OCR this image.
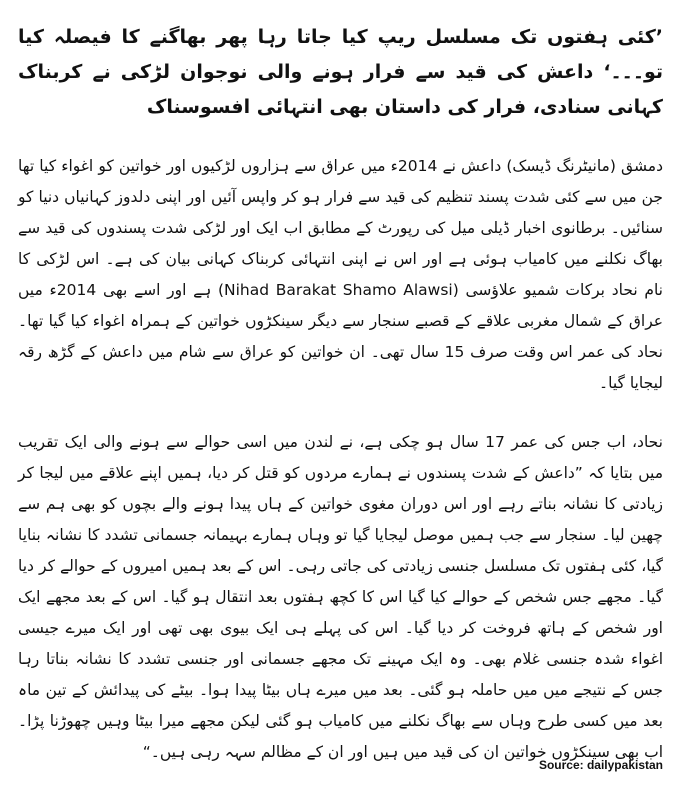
’کئی ہفتوں تک مسلسل ریپ کیا جاتا رہا پھر بھاگنے کا فیصلہ کیا تو۔۔۔‘ داعش کی قید سے فرار ہونے والی نوجوان لڑکی نے کربناک کہانی سنادی، فرار کی داستان بھی انتہائی افسوسناک

دمشق (مانیٹرنگ ڈیسک) داعش نے 2014ء میں عراق سے ہزاروں لڑکیوں اور خواتین کو اغواء کیا تھا جن میں سے کئی شدت پسند تنظیم کی قید سے فرار ہو کر واپس آئیں اور اپنی دلدوز کہانیاں دنیا کو سنائیں۔ برطانوی اخبار ڈیلی میل کی رپورٹ کے مطابق اب ایک اور لڑکی شدت پسندوں کی قید سے بھاگ نکلنے میں کامیاب ہوئی ہے اور اس نے اپنی انتہائی کربناک کہانی بیان کی ہے۔ اس لڑکی کا نام نحاد برکات شمیو علاؤسی (Nihad Barakat Shamo Alawsi) ہے اور اسے بھی 2014ء میں عراق کے شمال مغربی علاقے کے قصبے سنجار سے دیگر سینکڑوں خواتین کے ہمراہ اغواء کیا گیا تھا۔ نحاد کی عمر اس وقت صرف 15 سال تھی۔ ان خواتین کو عراق سے شام میں داعش کے گڑھ رقہ لیجایا گیا۔

نحاد، اب جس کی عمر 17 سال ہو چکی ہے، نے لندن میں اسی حوالے سے ہونے والی ایک تقریب میں بتایا کہ ”داعش کے شدت پسندوں نے ہمارے مردوں کو قتل کر دیا، ہمیں اپنے علاقے میں لیجا کر زیادتی کا نشانہ بناتے رہے اور اس دوران مغوی خواتین کے ہاں پیدا ہونے والے بچوں کو بھی ہم سے چھین لیا۔ سنجار سے جب ہمیں موصل لیجایا گیا تو وہاں ہمارے بہیمانہ جسمانی تشدد کا نشانہ بنایا گیا، کئی ہفتوں تک مسلسل جنسی زیادتی کی جاتی رہی۔ اس کے بعد ہمیں امیروں کے حوالے کر دیا گیا۔ مجھے جس شخص کے حوالے کیا گیا اس کا کچھ ہفتوں بعد انتقال ہو گیا۔ اس کے بعد مجھے ایک اور شخص کے ہاتھ فروخت کر دیا گیا۔ اس کی پہلے ہی ایک بیوی بھی تھی اور ایک میرے جیسی اغواء شدہ جنسی غلام بھی۔ وہ ایک مہینے تک مجھے جسمانی اور جنسی تشدد کا نشانہ بناتا رہا جس کے نتیجے میں میں حاملہ ہو گئی۔ بعد میں میرے ہاں بیٹا پیدا ہوا۔ بیٹے کی پیدائش کے تین ماہ بعد میں کسی طرح وہاں سے بھاگ نکلنے میں کامیاب ہو گئی لیکن مجھے میرا بیٹا وہیں چھوڑنا پڑا۔ اب بھی سینکڑوں خواتین ان کی قید میں ہیں اور ان کے مظالم سہہ رہی ہیں۔“

Source: dailypakistan
